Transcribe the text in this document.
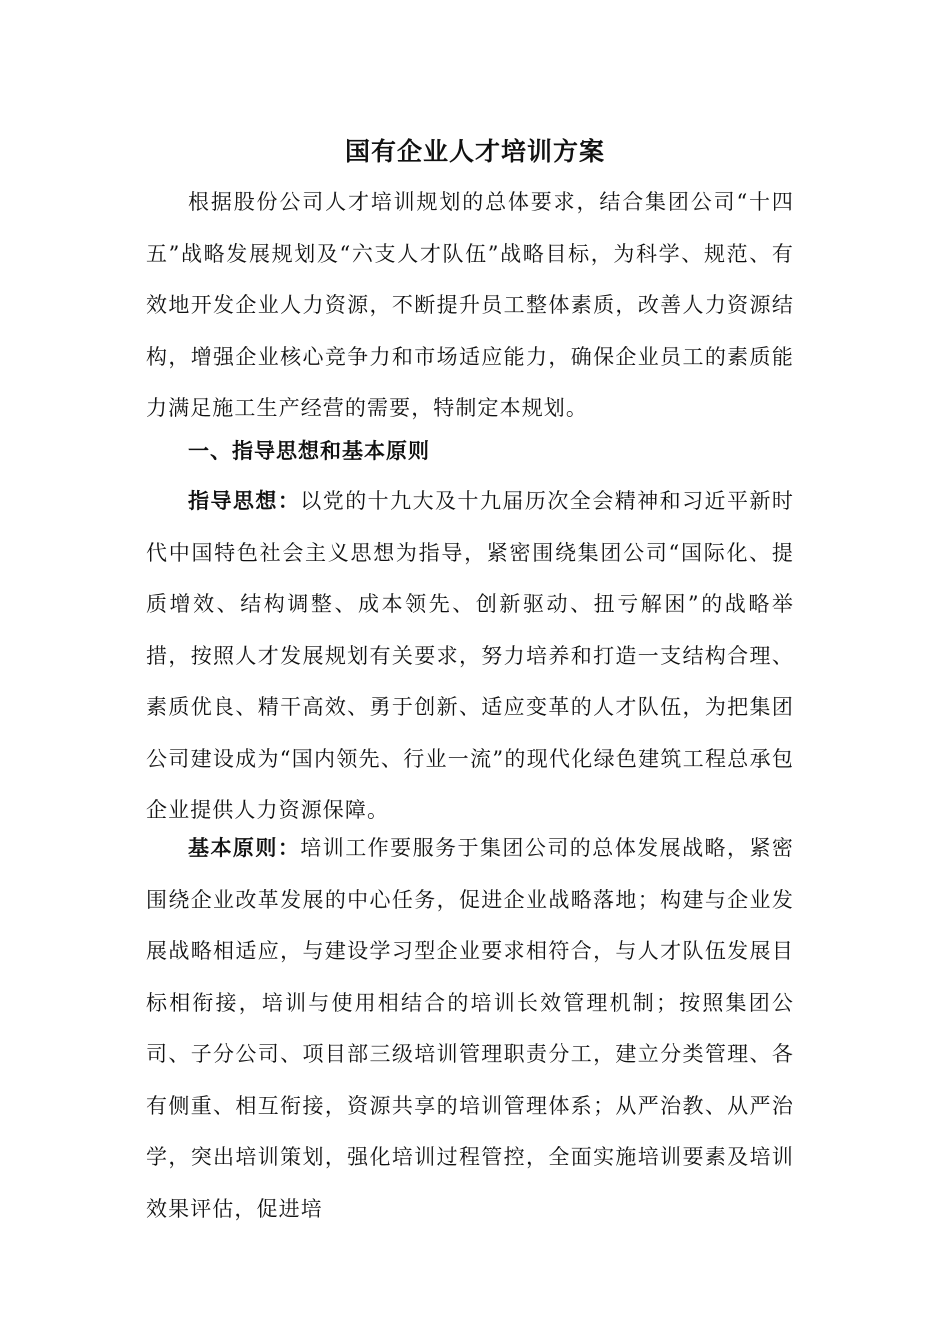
国有企业人才培训方案

根据股份公司人才培训规划的总体要求，结合集团公司“十四五”战略发展规划及“六支人才队伍”战略目标，为科学、规范、有效地开发企业人力资源，不断提升员工整体素质，改善人力资源结构，增强企业核心竞争力和市场适应能力，确保企业员工的素质能力满足施工生产经营的需要，特制定本规划。

一、指导思想和基本原则

指导思想：以党的十九大及十九届历次全会精神和习近平新时代中国特色社会主义思想为指导，紧密围绕集团公司“国际化、提质增效、结构调整、成本领先、创新驱动、扭亏解困”的战略举措，按照人才发展规划有关要求，努力培养和打造一支结构合理、素质优良、精干高效、勇于创新、适应变革的人才队伍，为把集团公司建设成为“国内领先、行业一流”的现代化绿色建筑工程总承包企业提供人力资源保障。

基本原则：培训工作要服务于集团公司的总体发展战略，紧密围绕企业改革发展的中心任务，促进企业战略落地；构建与企业发展战略相适应，与建设学习型企业要求相符合，与人才队伍发展目标相衔接，培训与使用相结合的培训长效管理机制；按照集团公司、子分公司、项目部三级培训管理职责分工，建立分类管理、各有侧重、相互衔接，资源共享的培训管理体系；从严治教、从严治学，突出培训策划，强化培训过程管控，全面实施培训要素及培训效果评估，促进培
